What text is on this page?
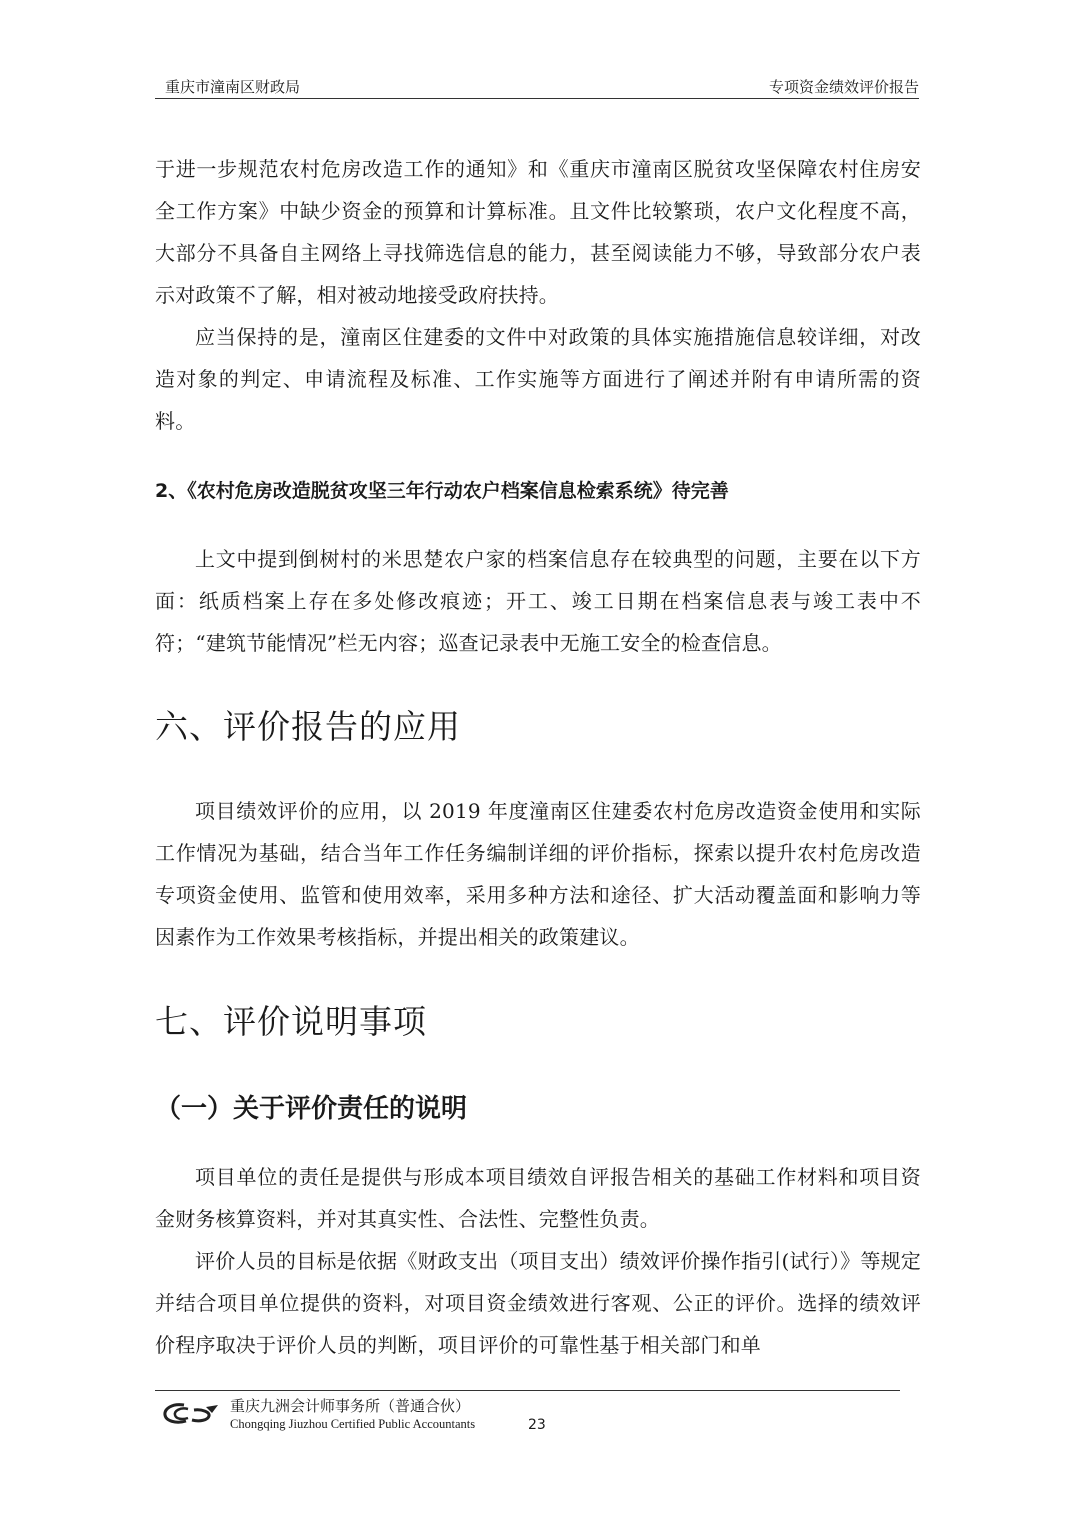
重庆市潼南区财政局	专项资金绩效评价报告

于进一步规范农村危房改造工作的通知》和《重庆市潼南区脱贫攻坚保障农村住房安全工作方案》中缺少资金的预算和计算标准。且文件比较繁琐，农户文化程度不高，大部分不具备自主网络上寻找筛选信息的能力，甚至阅读能力不够，导致部分农户表示对政策不了解，相对被动地接受政府扶持。

应当保持的是，潼南区住建委的文件中对政策的具体实施措施信息较详细，对改造对象的判定、申请流程及标准、工作实施等方面进行了阐述并附有申请所需的资料。

2、《农村危房改造脱贫攻坚三年行动农户档案信息检索系统》待完善

上文中提到倒树村的米思楚农户家的档案信息存在较典型的问题，主要在以下方面：纸质档案上存在多处修改痕迹；开工、竣工日期在档案信息表与竣工表中不符；“建筑节能情况”栏无内容；巡查记录表中无施工安全的检查信息。

六、评价报告的应用

项目绩效评价的应用，以 2019 年度潼南区住建委农村危房改造资金使用和实际工作情况为基础，结合当年工作任务编制详细的评价指标，探索以提升农村危房改造专项资金使用、监管和使用效率，采用多种方法和途径、扩大活动覆盖面和影响力等因素作为工作效果考核指标，并提出相关的政策建议。

七、评价说明事项
（一）关于评价责任的说明

项目单位的责任是提供与形成本项目绩效自评报告相关的基础工作材料和项目资金财务核算资料，并对其真实性、合法性、完整性负责。

评价人员的目标是依据《财政支出（项目支出）绩效评价操作指引(试行）》等规定并结合项目单位提供的资料，对项目资金绩效进行客观、公正的评价。选择的绩效评价程序取决于评价人员的判断，项目评价的可靠性基于相关部门和单

重庆九洲会计师事务所（普通合伙）
Chongqing Jiuzhou Certified Public Accountants	23
